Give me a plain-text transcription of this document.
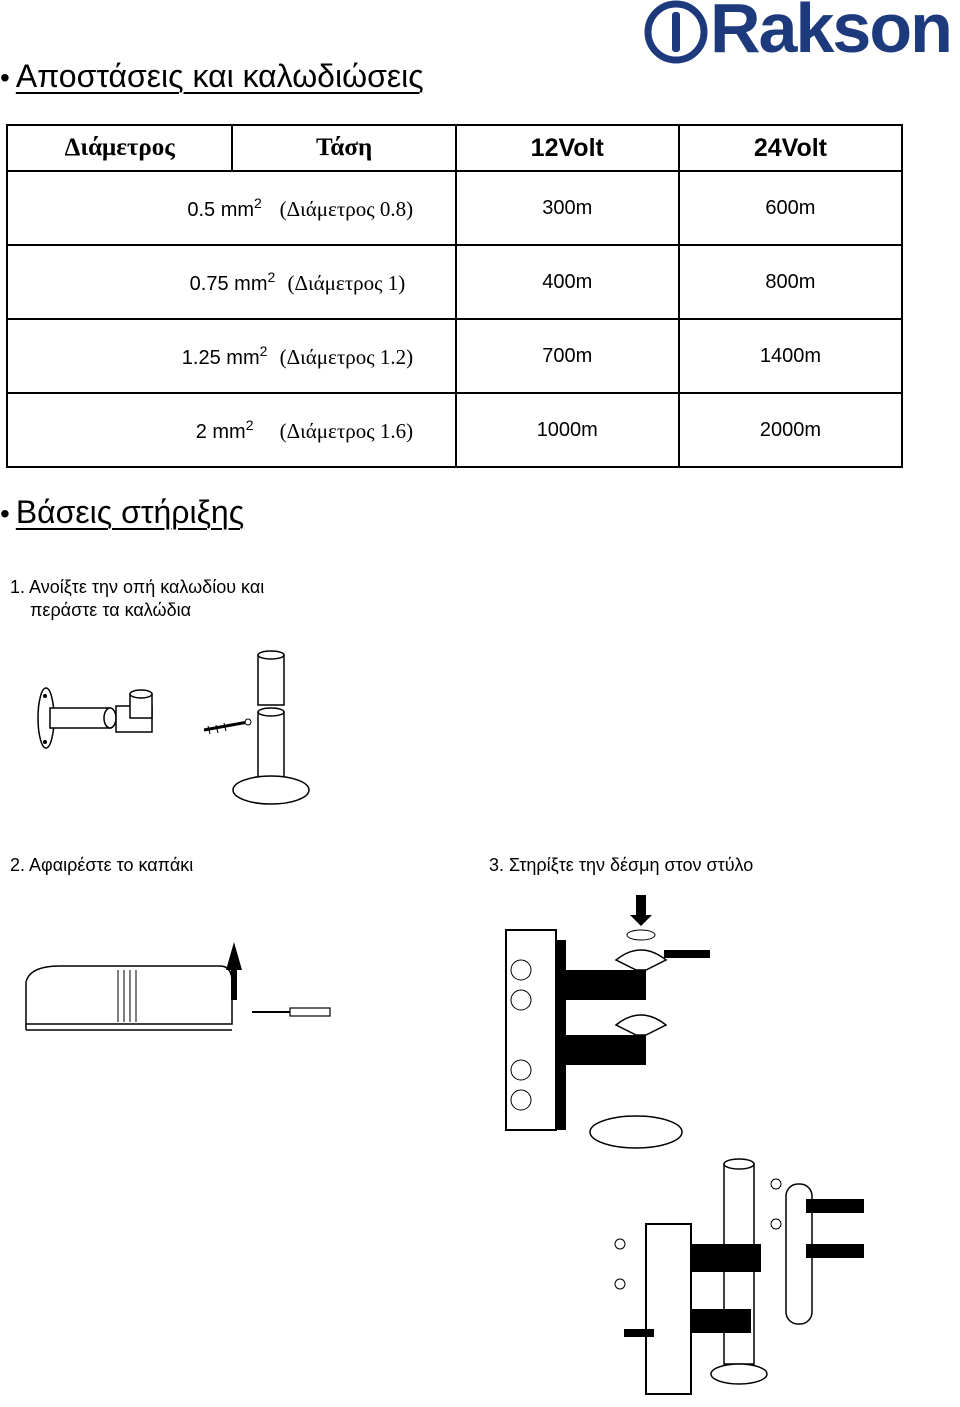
Rakson
• Αποστάσεις και καλωδιώσεις
Διάμετρος	Τάση	12Volt	24Volt
0.5 $mm^2$ (Διάμετρος 0.8)		300m	600m
0.75 $mm^2$ (Διάμετρος 1)		400m	800m
1.25 $mm^2$ (Διάμετρος 1.2)		700m	1400m
2 $mm^2$ (Διάμετρος 1.6)		1000m	2000m
• Βάσεις στήριξης
1. Ανοίξτε την οπή καλωδίου και
περάστε τα καλώδια
2. Αφαιρέστε το καπάκι	3. Στηρίξτε την δέσμη στον στύλο
